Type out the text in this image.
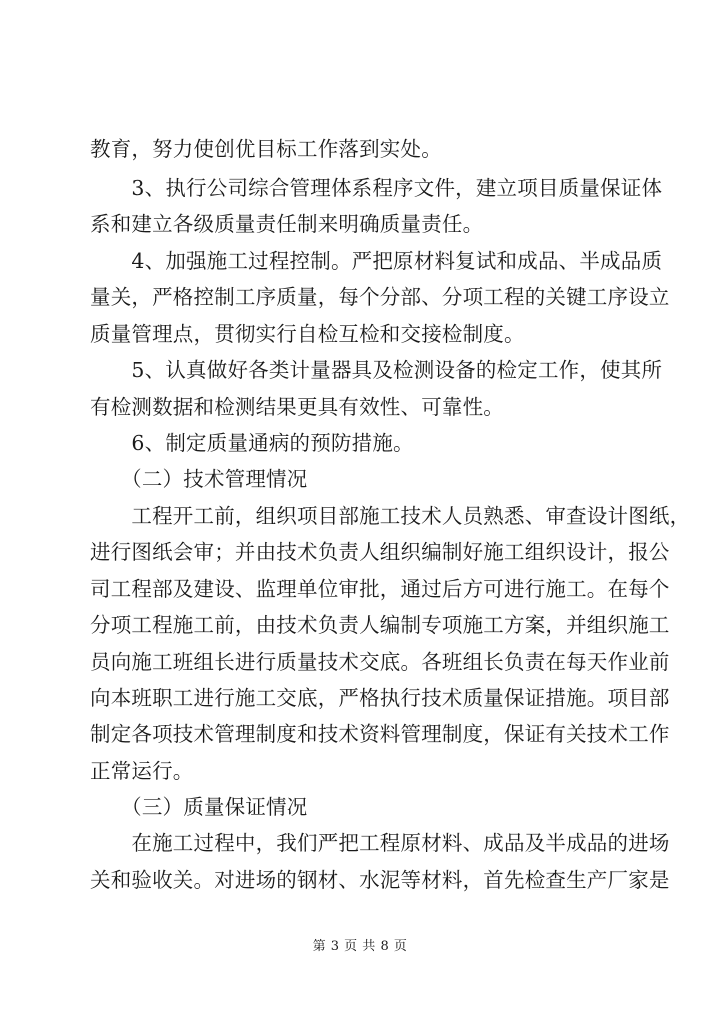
教育，努力使创优目标工作落到实处。
　　3、执行公司综合管理体系程序文件，建立项目质量保证体
系和建立各级质量责任制来明确质量责任。
　　4、加强施工过程控制。严把原材料复试和成品、半成品质
量关，严格控制工序质量，每个分部、分项工程的关键工序设立
质量管理点，贯彻实行自检互检和交接检制度。
　　5、认真做好各类计量器具及检测设备的检定工作，使其所
有检测数据和检测结果更具有效性、可靠性。
　　6、制定质量通病的预防措施。
　　（二）技术管理情况
　　工程开工前，组织项目部施工技术人员熟悉、审查设计图纸，
进行图纸会审；并由技术负责人组织编制好施工组织设计，报公
司工程部及建设、监理单位审批，通过后方可进行施工。在每个
分项工程施工前，由技术负责人编制专项施工方案，并组织施工
员向施工班组长进行质量技术交底。各班组长负责在每天作业前
向本班职工进行施工交底，严格执行技术质量保证措施。项目部
制定各项技术管理制度和技术资料管理制度，保证有关技术工作
正常运行。
　　（三）质量保证情况
　　在施工过程中，我们严把工程原材料、成品及半成品的进场
关和验收关。对进场的钢材、水泥等材料，首先检查生产厂家是
第 3 页 共 8 页
